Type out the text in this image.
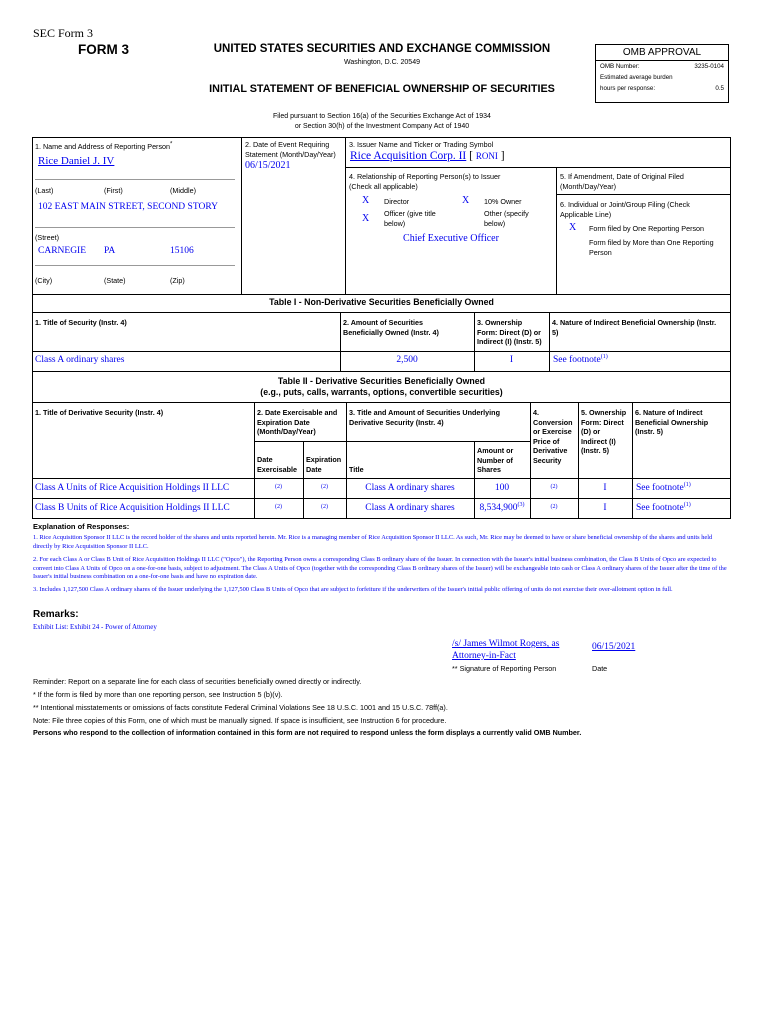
SEC Form 3
FORM 3	UNITED STATES SECURITIES AND EXCHANGE COMMISSION
Washington, D.C. 20549
INITIAL STATEMENT OF BENEFICIAL OWNERSHIP OF SECURITIES
OMB APPROVAL
OMB Number:	3235-0104
Estimated average burden
hours per response:	0.5
Filed pursuant to Section 16(a) of the Securities Exchange Act of 1934
or Section 30(h) of the Investment Company Act of 1940
1. Name and Address of Reporting Person*
Rice Daniel J. IV
(Last)	(First)	(Middle)
102 EAST MAIN STREET, SECOND STORY
(Street)
CARNEGIE PA	15106
(City)	(State)	(Zip)
2. Date of Event Requiring
Statement (Month/Day/Year)
06/15/2021
3. Issuer Name and Ticker or Trading Symbol
Rice Acquisition Corp. II [ RONI ]
4. Relationship of Reporting Person(s) to Issuer
(Check all applicable)
X Director	X 10% Owner
X Officer (give title
below)
Other (specify
below)
Chief Executive Officer
5. If Amendment, Date of Original Filed
(Month/Day/Year)
6. Individual or Joint/Group Filing (Check
Applicable Line)
X Form filed by One Reporting Person
Form filed by More than One Reporting
Person
Table I - Non-Derivative Securities Beneficially Owned
1. Title of Security (Instr. 4)	2. Amount of Securities
Beneficially Owned (Instr. 4)
3. Ownership
Form: Direct (D) or
Indirect (I) (Instr. 5)
4. Nature of Indirect Beneficial Ownership (Instr.
5)
Class A ordinary shares	2,500	I	See footnote$^{(1)}$
Table II - Derivative Securities Beneficially Owned
(e.g., puts, calls, warrants, options, convertible securities)
1. Title of Derivative Security (Instr. 4)	2. Date Exercisable and
Expiration Date
(Month/Day/Year)
Date
Exercisable
Expiration
Date
3. Title and Amount of Securities Underlying
Derivative Security (Instr. 4)
Title
Amount or
Number of
Shares
4.
Conversion
or Exercise
Price of
Derivative
Security
5. Ownership
Form: Direct
(D) or
Indirect (I)
(Instr. 5)
6. Nature of Indirect
Beneficial Ownership
(Instr. 5)
Class A Units of Rice Acquisition Holdings II LLC	(2)	(2)	Class A ordinary shares	100	(2)	I	See footnote$^{(1)}$
Class B Units of Rice Acquisition Holdings II LLC	(2)	(2)	Class A ordinary shares	8,534,900$^{(3)}$	(2)	I	See footnote$^{(1)}$
Explanation of Responses:
1. Rice Acquisition Sponsor II LLC is the record holder of the shares and units reported herein. Mr. Rice is a managing member of Rice Acquisition Sponsor II LLC. As such, Mr. Rice may be deemed to have or share beneficial ownership of the shares and units held directly by Rice Acquisition Sponsor II LLC.
2. For each Class A or Class B Unit of Rice Acquisition Holdings II LLC ("Opco"), the Reporting Person owns a corresponding Class B ordinary share of the Issuer. In connection with the Issuer's initial business combination, the Class B Units of Opco are expected to convert into Class A Units of Opco on a one-for-one basis, subject to adjustment. The Class A Units of Opco (together with the corresponding Class B ordinary shares of the Issuer) will be exchangeable into cash or Class A ordinary shares of the Issuer after the time of the Issuer's initial business combination on a one-for-one basis and have no expiration date.
3. Includes 1,127,500 Class A ordinary shares of the Issuer underlying the 1,127,500 Class B Units of Opco that are subject to forfeiture if the underwriters of the Issuer's initial public offering of units do not exercise their over-allotment option in full.
Remarks:
Exhibit List: Exhibit 24 - Power of Attorney
/s/ James Wilmot Rogers, as
Attorney-in-Fact
06/15/2021
** Signature of Reporting Person	Date
Reminder: Report on a separate line for each class of securities beneficially owned directly or indirectly.
* If the form is filed by more than one reporting person, see Instruction 5 (b)(v).
** Intentional misstatements or omissions of facts constitute Federal Criminal Violations See 18 U.S.C. 1001 and 15 U.S.C. 78ff(a).
Note: File three copies of this Form, one of which must be manually signed. If space is insufficient, see Instruction 6 for procedure.
Persons who respond to the collection of information contained in this form are not required to respond unless the form displays a currently valid OMB Number.
